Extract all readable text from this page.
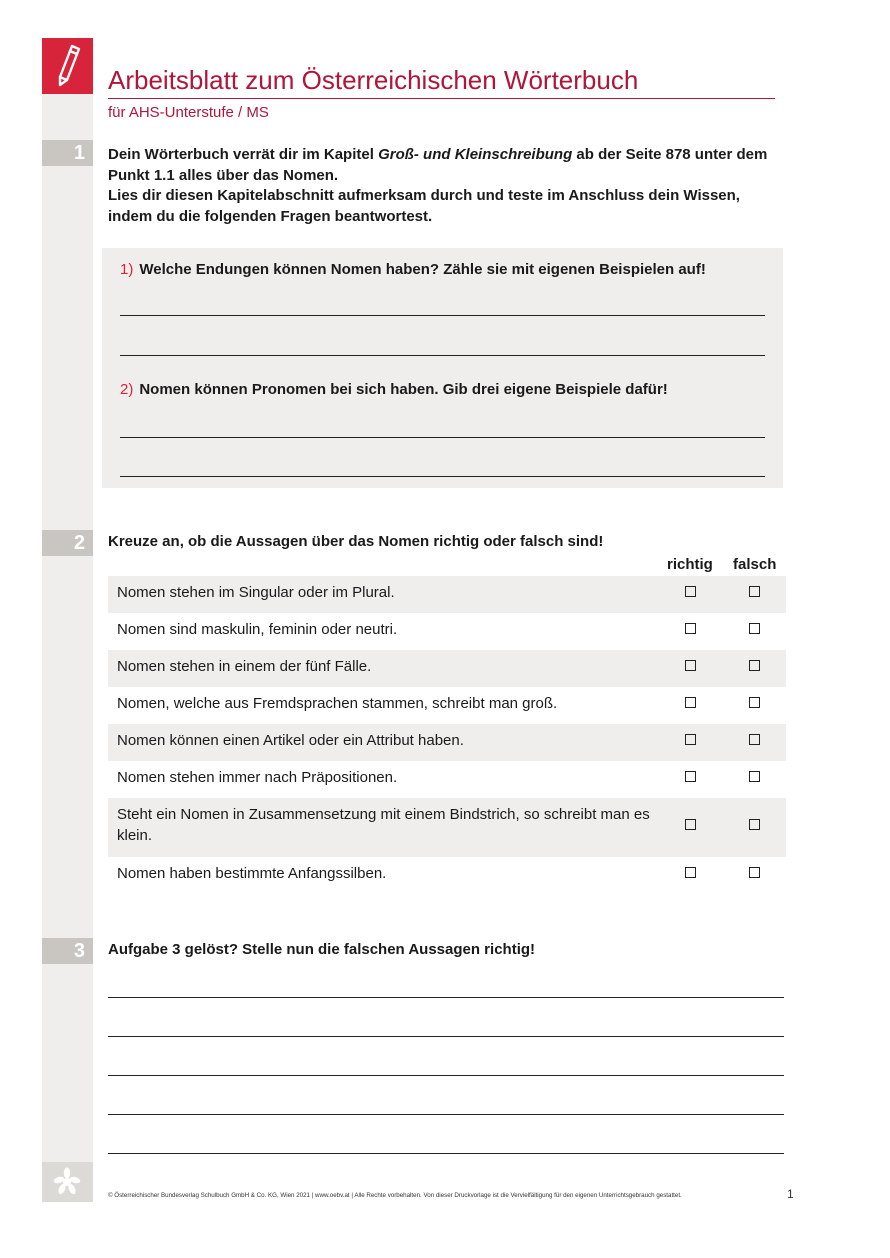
Arbeitsblatt zum Österreichischen Wörterbuch
für AHS-Unterstufe / MS
1	Dein Wörterbuch verrät dir im Kapitel Groß- und Kleinschreibung ab der Seite 878 unter dem Punkt 1.1 alles über das Nomen.
Lies dir diesen Kapitelabschnitt aufmerksam durch und teste im Anschluss dein Wissen, indem du die folgenden Fragen beantwortest.
1) Welche Endungen können Nomen haben? Zähle sie mit eigenen Beispielen auf!
2) Nomen können Pronomen bei sich haben. Gib drei eigene Beispiele dafür!
2	Kreuze an, ob die Aussagen über das Nomen richtig oder falsch sind!
richtig falsch
Nomen stehen im Singular oder im Plural.
Nomen sind maskulin, feminin oder neutri.
Nomen stehen in einem der fünf Fälle.
Nomen, welche aus Fremdsprachen stammen, schreibt man groß.
Nomen können einen Artikel oder ein Attribut haben.
Nomen stehen immer nach Präpositionen.
Steht ein Nomen in Zusammensetzung mit einem Bindstrich, so schreibt man es klein.
Nomen haben bestimmte Anfangssilben.
3	Aufgabe 3 gelöst? Stelle nun die falschen Aussagen richtig!
© Österreichischer Bundesverlag Schulbuch GmbH & Co. KG, Wien 2021 | www.oebv.at | Alle Rechte vorbehalten. Von dieser Druckvorlage ist die Vervielfältigung für den eigenen Unterrichtsgebrauch gestattet.	1
